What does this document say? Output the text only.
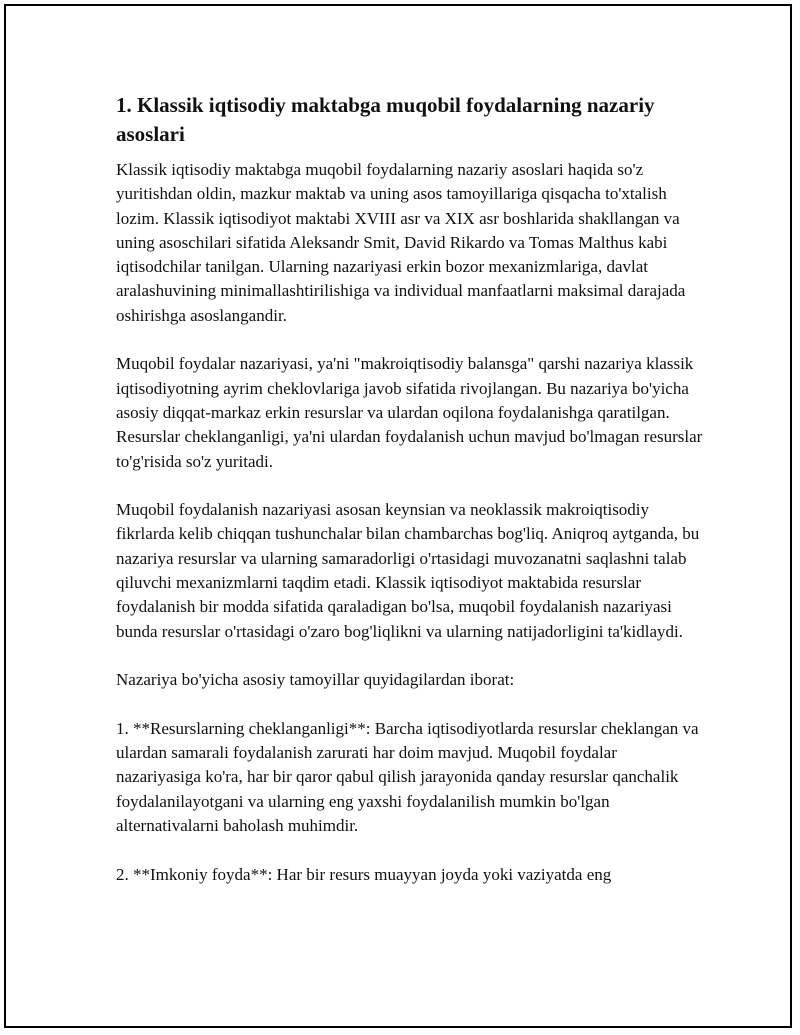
1. Klassik iqtisodiy maktabga muqobil foydalarning nazariy asoslari

Klassik iqtisodiy maktabga muqobil foydalarning nazariy asoslari haqida so'z yuritishdan oldin, mazkur maktab va uning asos tamoyillariga qisqacha to'xtalish lozim. Klassik iqtisodiyot maktabi XVIII asr va XIX asr boshlarida shakllangan va uning asoschilari sifatida Aleksandr Smit, David Rikardo va Tomas Malthus kabi iqtisodchilar tanilgan. Ularning nazariyasi erkin bozor mexanizmlariga, davlat aralashuvining minimallashtirilishiga va individual manfaatlarni maksimal darajada oshirishga asoslangandir.

Muqobil foydalar nazariyasi, ya'ni "makroiqtisodiy balansga" qarshi nazariya klassik iqtisodiyotning ayrim cheklovlariga javob sifatida rivojlangan. Bu nazariya bo'yicha asosiy diqqat-markaz erkin resurslar va ulardan oqilona foydalanishga qaratilgan. Resurslar cheklanganligi, ya'ni ulardan foydalanish uchun mavjud bo'lmagan resurslar to'g'risida so'z yuritadi.

Muqobil foydalanish nazariyasi asosan keynsian va neoklassik makroiqtisodiy fikrlarda kelib chiqqan tushunchalar bilan chambarchas bog'liq. Aniqroq aytganda, bu nazariya resurslar va ularning samaradorligi o'rtasidagi muvozanatni saqlashni talab qiluvchi mexanizmlarni taqdim etadi. Klassik iqtisodiyot maktabida resurslar foydalanish bir modda sifatida qaraladigan bo'lsa, muqobil foydalanish nazariyasi bunda resurslar o'rtasidagi o'zaro bog'liqlikni va ularning natijadorligini ta'kidlaydi.

Nazariya bo'yicha asosiy tamoyillar quyidagilardan iborat:

1. **Resurslarning cheklanganligi**: Barcha iqtisodiyotlarda resurslar cheklangan va ulardan samarali foydalanish zarurati har doim mavjud. Muqobil foydalar nazariyasiga ko'ra, har bir qaror qabul qilish jarayonida qanday resurslar qanchalik foydalanilayotgani va ularning eng yaxshi foydalanilish mumkin bo'lgan alternativalarni baholash muhimdir.

2. **Imkoniy foyda**: Har bir resurs muayyan joyda yoki vaziyatda eng
